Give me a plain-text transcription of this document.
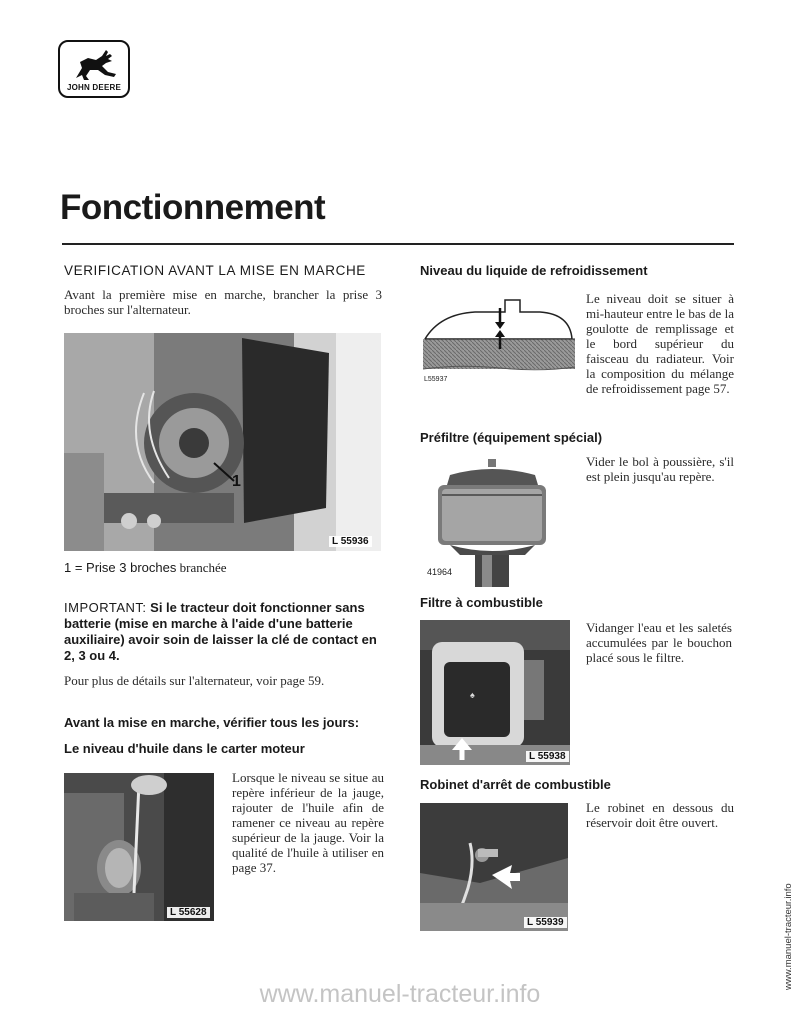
JOHN DEERE
Fonctionnement
VERIFICATION AVANT LA MISE EN MARCHE
Avant la première mise en marche, brancher la prise 3 broches sur l'alternateur.
1
L 55936
1 = Prise 3 broches branchée
IMPORTANT: Si le tracteur doit fonctionner sans batterie (mise en marche à l'aide d'une batterie auxiliaire) avoir soin de laisser la clé de contact en 2, 3 ou 4.
Pour plus de détails sur l'alternateur, voir page 59.
Avant la mise en marche, vérifier tous les jours:
Le niveau d'huile dans le carter moteur
L 55628
Lorsque le niveau se situe au repère inférieur de la jauge, rajouter de l'huile afin de ramener ce niveau au repère supérieur de la jauge. Voir la qualité de l'huile à utiliser en page 37.
Niveau du liquide de refroidissement
L55937
Le niveau doit se situer à mi-hauteur entre le bas de la goulotte de remplissage et le bord supérieur du faisceau du radiateur. Voir la composition du mélange de refroidissement page 57.
Préfiltre (équipement spécial)
41964
Vider le bol à poussière, s'il est plein jusqu'au repère.
Filtre à combustible
♠
L 55938
Vidanger l'eau et les saletés accumulées par le bouchon placé sous le filtre.
Robinet d'arrêt de combustible
L 55939
Le robinet en dessous du réservoir doit être ouvert.
www.manuel-tracteur.info
www.manuel-tracteur.info
